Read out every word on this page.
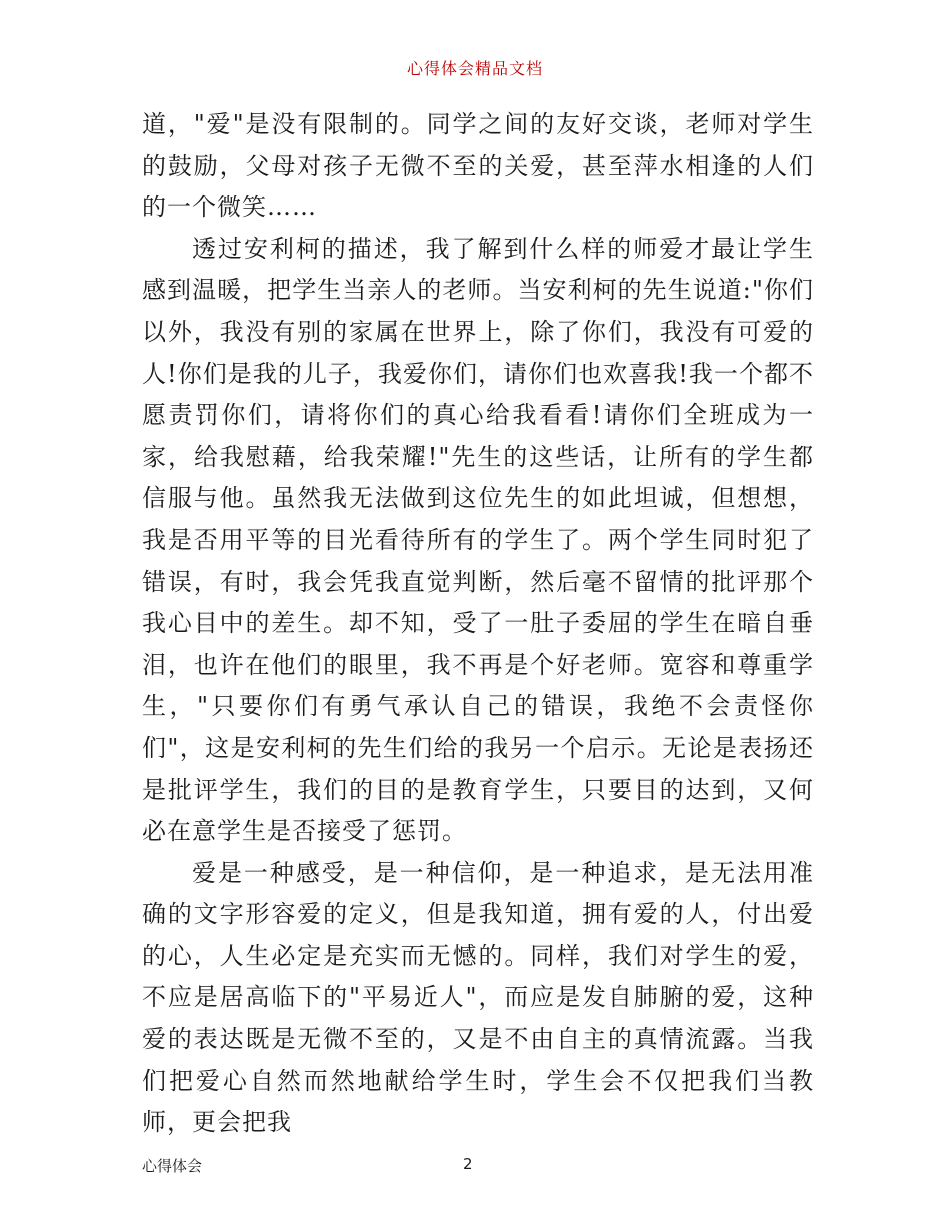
心得体会精品文档

道，"爱"是没有限制的。同学之间的友好交谈，老师对学生的鼓励，父母对孩子无微不至的关爱，甚至萍水相逢的人们的一个微笑……

透过安利柯的描述，我了解到什么样的师爱才最让学生感到温暖，把学生当亲人的老师。当安利柯的先生说道:"你们以外，我没有别的家属在世界上，除了你们，我没有可爱的人!你们是我的儿子，我爱你们，请你们也欢喜我!我一个都不愿责罚你们，请将你们的真心给我看看!请你们全班成为一家，给我慰藉，给我荣耀!"先生的这些话，让所有的学生都信服与他。虽然我无法做到这位先生的如此坦诚，但想想，我是否用平等的目光看待所有的学生了。两个学生同时犯了错误，有时，我会凭我直觉判断，然后毫不留情的批评那个我心目中的差生。却不知，受了一肚子委屈的学生在暗自垂泪，也许在他们的眼里，我不再是个好老师。宽容和尊重学生，"只要你们有勇气承认自己的错误，我绝不会责怪你们"，这是安利柯的先生们给的我另一个启示。无论是表扬还是批评学生，我们的目的是教育学生，只要目的达到，又何必在意学生是否接受了惩罚。

爱是一种感受，是一种信仰，是一种追求，是无法用准确的文字形容爱的定义，但是我知道，拥有爱的人，付出爱的心，人生必定是充实而无憾的。同样，我们对学生的爱，不应是居高临下的"平易近人"，而应是发自肺腑的爱，这种爱的表达既是无微不至的，又是不由自主的真情流露。当我们把爱心自然而然地献给学生时，学生会不仅把我们当教师，更会把我

心得体会	2
